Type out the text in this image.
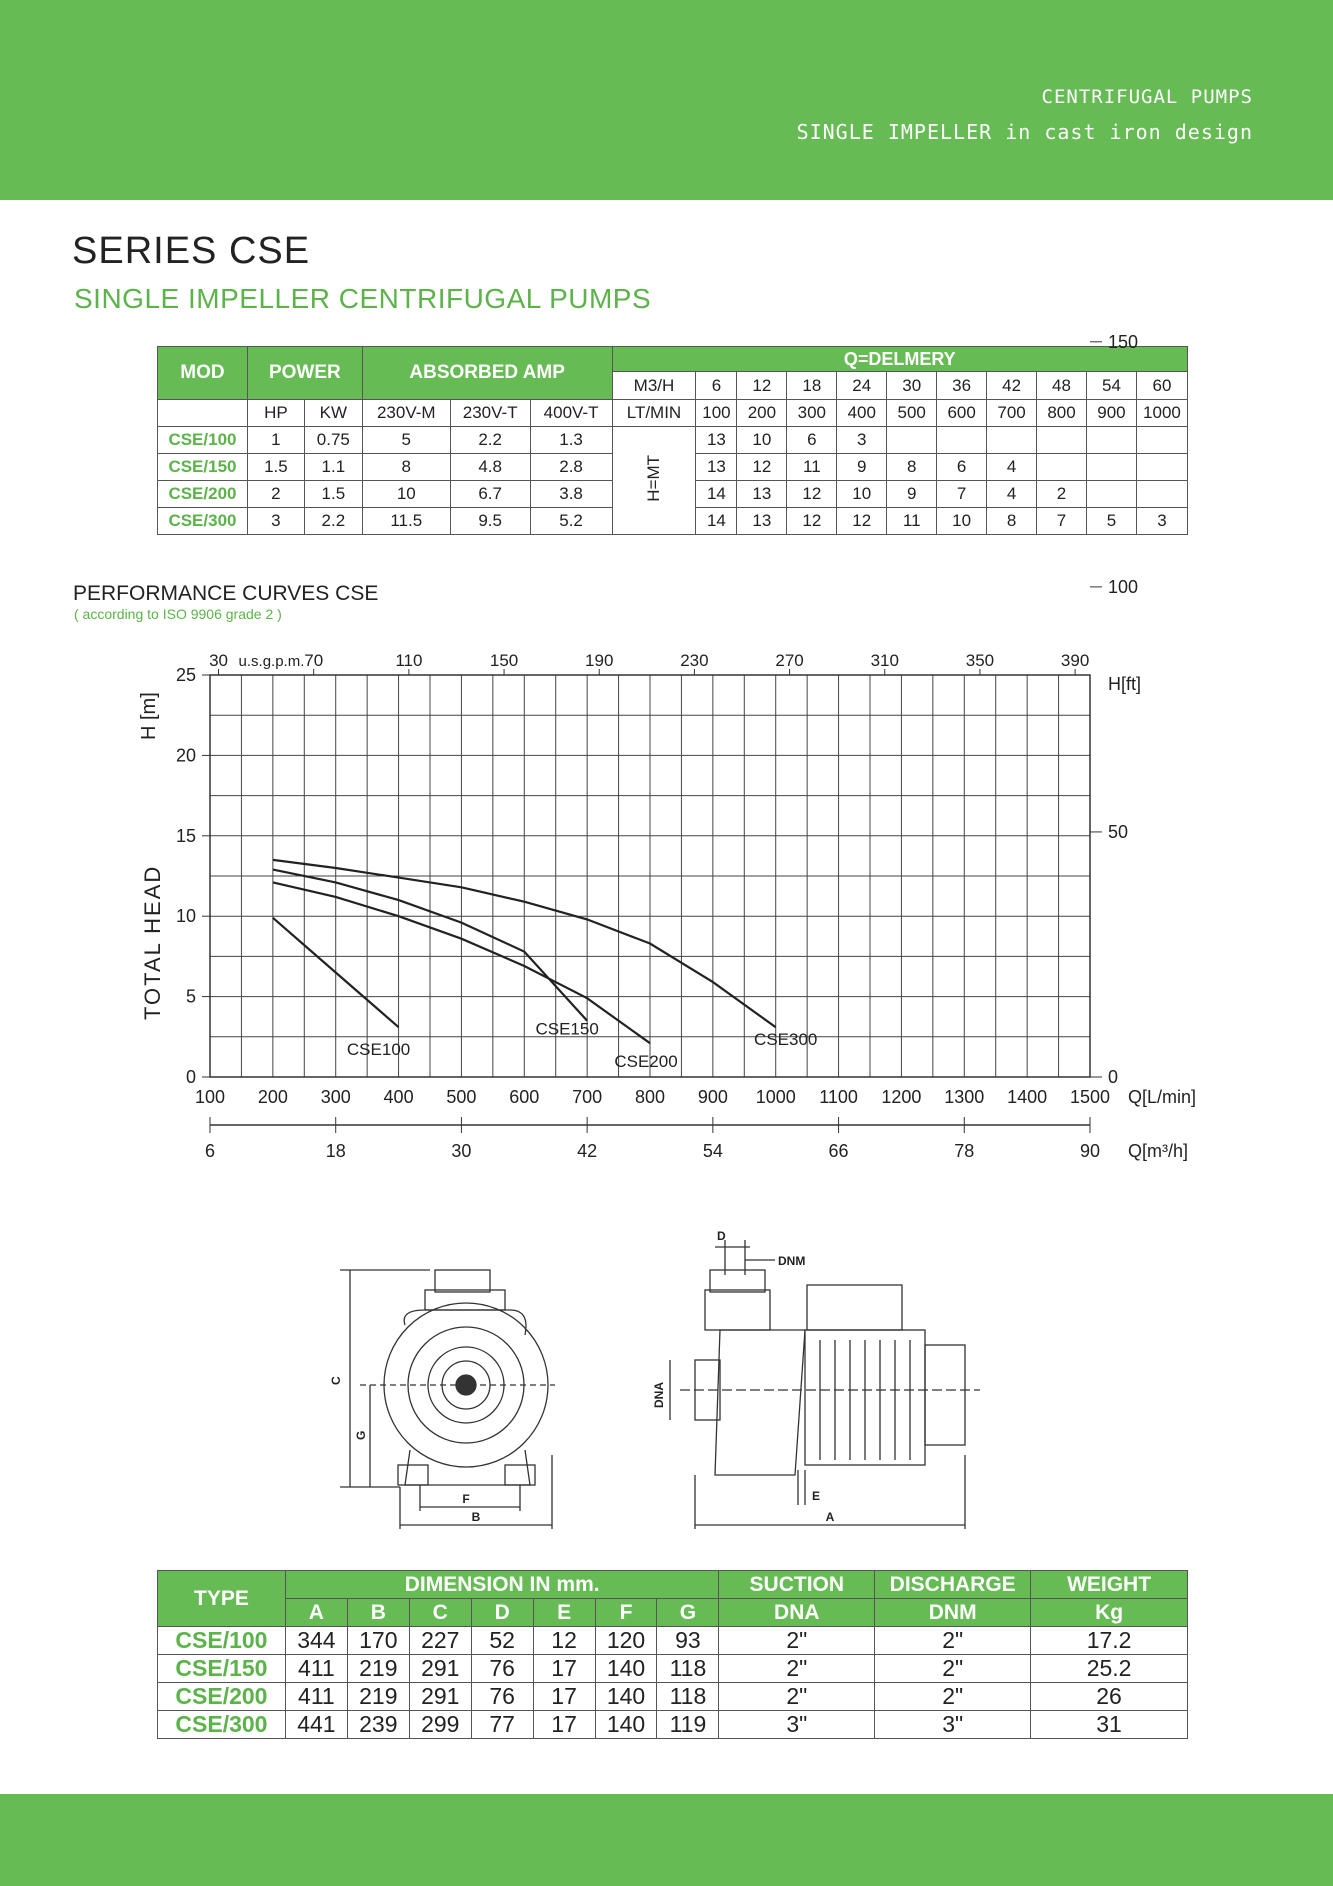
CENTRIFUGAL PUMPS
SINGLE IMPELLER in cast iron design
SERIES CSE
SINGLE IMPELLER CENTRIFUGAL PUMPS
MOD	POWER		ABSORBED AMP			Q=DELMERY										
						M3/H	6	12	18	24	30	36	42	48	54	60
	HP	KW	230V-M	230V-T	400V-T	LT/MIN	100	200	300	400	500	600	700	800	900	1000
CSE/100	1	0.75	5	2.2	1.3	H=MT	13	10	6	3						
CSE/150	1.5	1.1	8	4.8	2.8		13	12	11	9	8	6	4			
CSE/200	2	1.5	10	6.7	3.8		14	13	12	10	9	7	4	2		
CSE/300	3	2.2	11.5	9.5	5.2		14	13	12	12	11	10	8	7	5	3
PERFORMANCE CURVES CSE
( according to ISO 9906 grade 2 )
0
5
10
15
20
25
0
50
100
150
H[ft]
100 200 300 400 500 600 700 800 900 1000 1100 1200 1300 1400 1500 Q[L/min]
6	18	30	42	54	66	78	90 Q[m³/h]
30	70	110	150	190	230	270	310	350	390
u.s.g.p.m.
TOTAL HEAD
H [m]
CSE100
CSE150
CSE200
CSE300
C
G
F
B
D
DNM
DNA
E
A
TYPE	DIMENSION IN mm.							SUCTION	DISCHARGE	WEIGHT
	A	B	C	D	E	F	G	DNA	DNM	Kg
CSE/100	344	170	227	52	12	120	93	2"	2"	17.2
CSE/150	411	219	291	76	17	140	118	2"	2"	25.2
CSE/200	411	219	291	76	17	140	118	2"	2"	26
CSE/300	441	239	299	77	17	140	119	3"	3"	31
